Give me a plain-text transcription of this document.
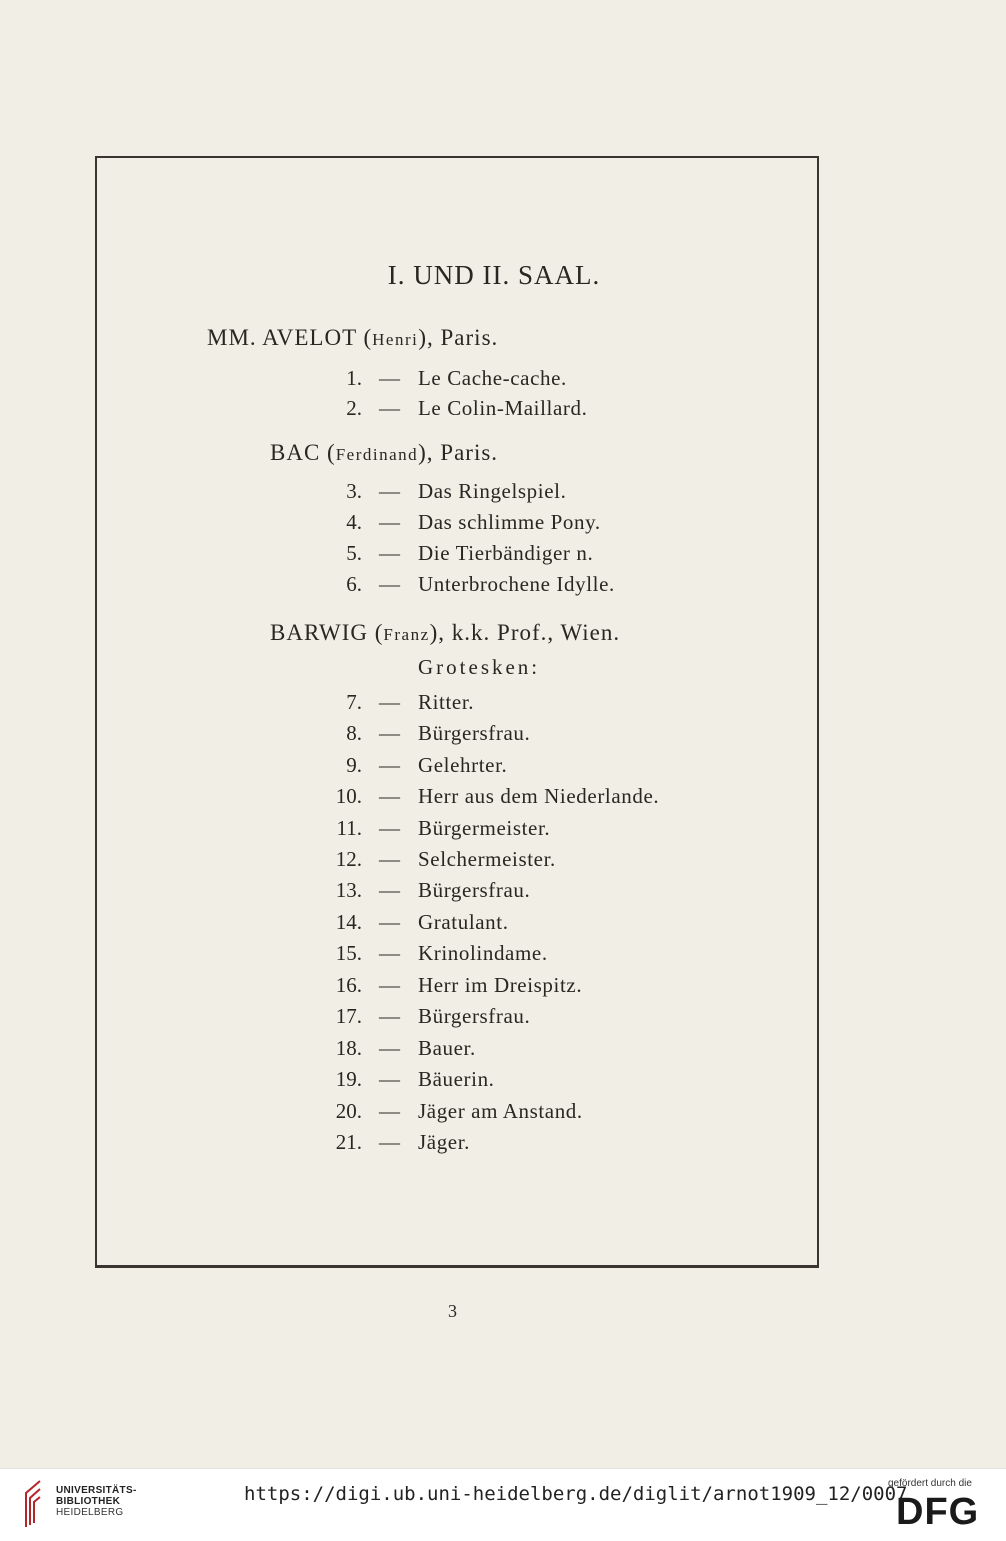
I. UND II. SAAL.
MM. AVELOT (Henri), Paris.
BAC (Ferdinand), Paris.
BARWIG (Franz), k.k. Prof., Wien.
Grotesken:
1. — Le Cache-cache.
2. — Le Colin-Maillard.
3. — Das Ringelspiel.
4. — Das schlimme Pony.
5. — Die Tierbändiger n.
6. — Unterbrochene Idylle.
7. — Ritter.
8. — Bürgersfrau.
9. — Gelehrter.
10. — Herr aus dem Niederlande.
11. — Bürgermeister.
12. — Selchermeister.
13. — Bürgersfrau.
14. — Gratulant.
15. — Krinolindame.
16. — Herr im Dreispitz.
17. — Bürgersfrau.
18. — Bauer.
19. — Bäuerin.
20. — Jäger am Anstand.
21. — Jäger.
3
UNIVERSITÄTS-
BIBLIOTHEK
HEIDELBERG
https://digi.ub.uni-heidelberg.de/diglit/arnot1909_12/0007
gefördert durch die
DFG
